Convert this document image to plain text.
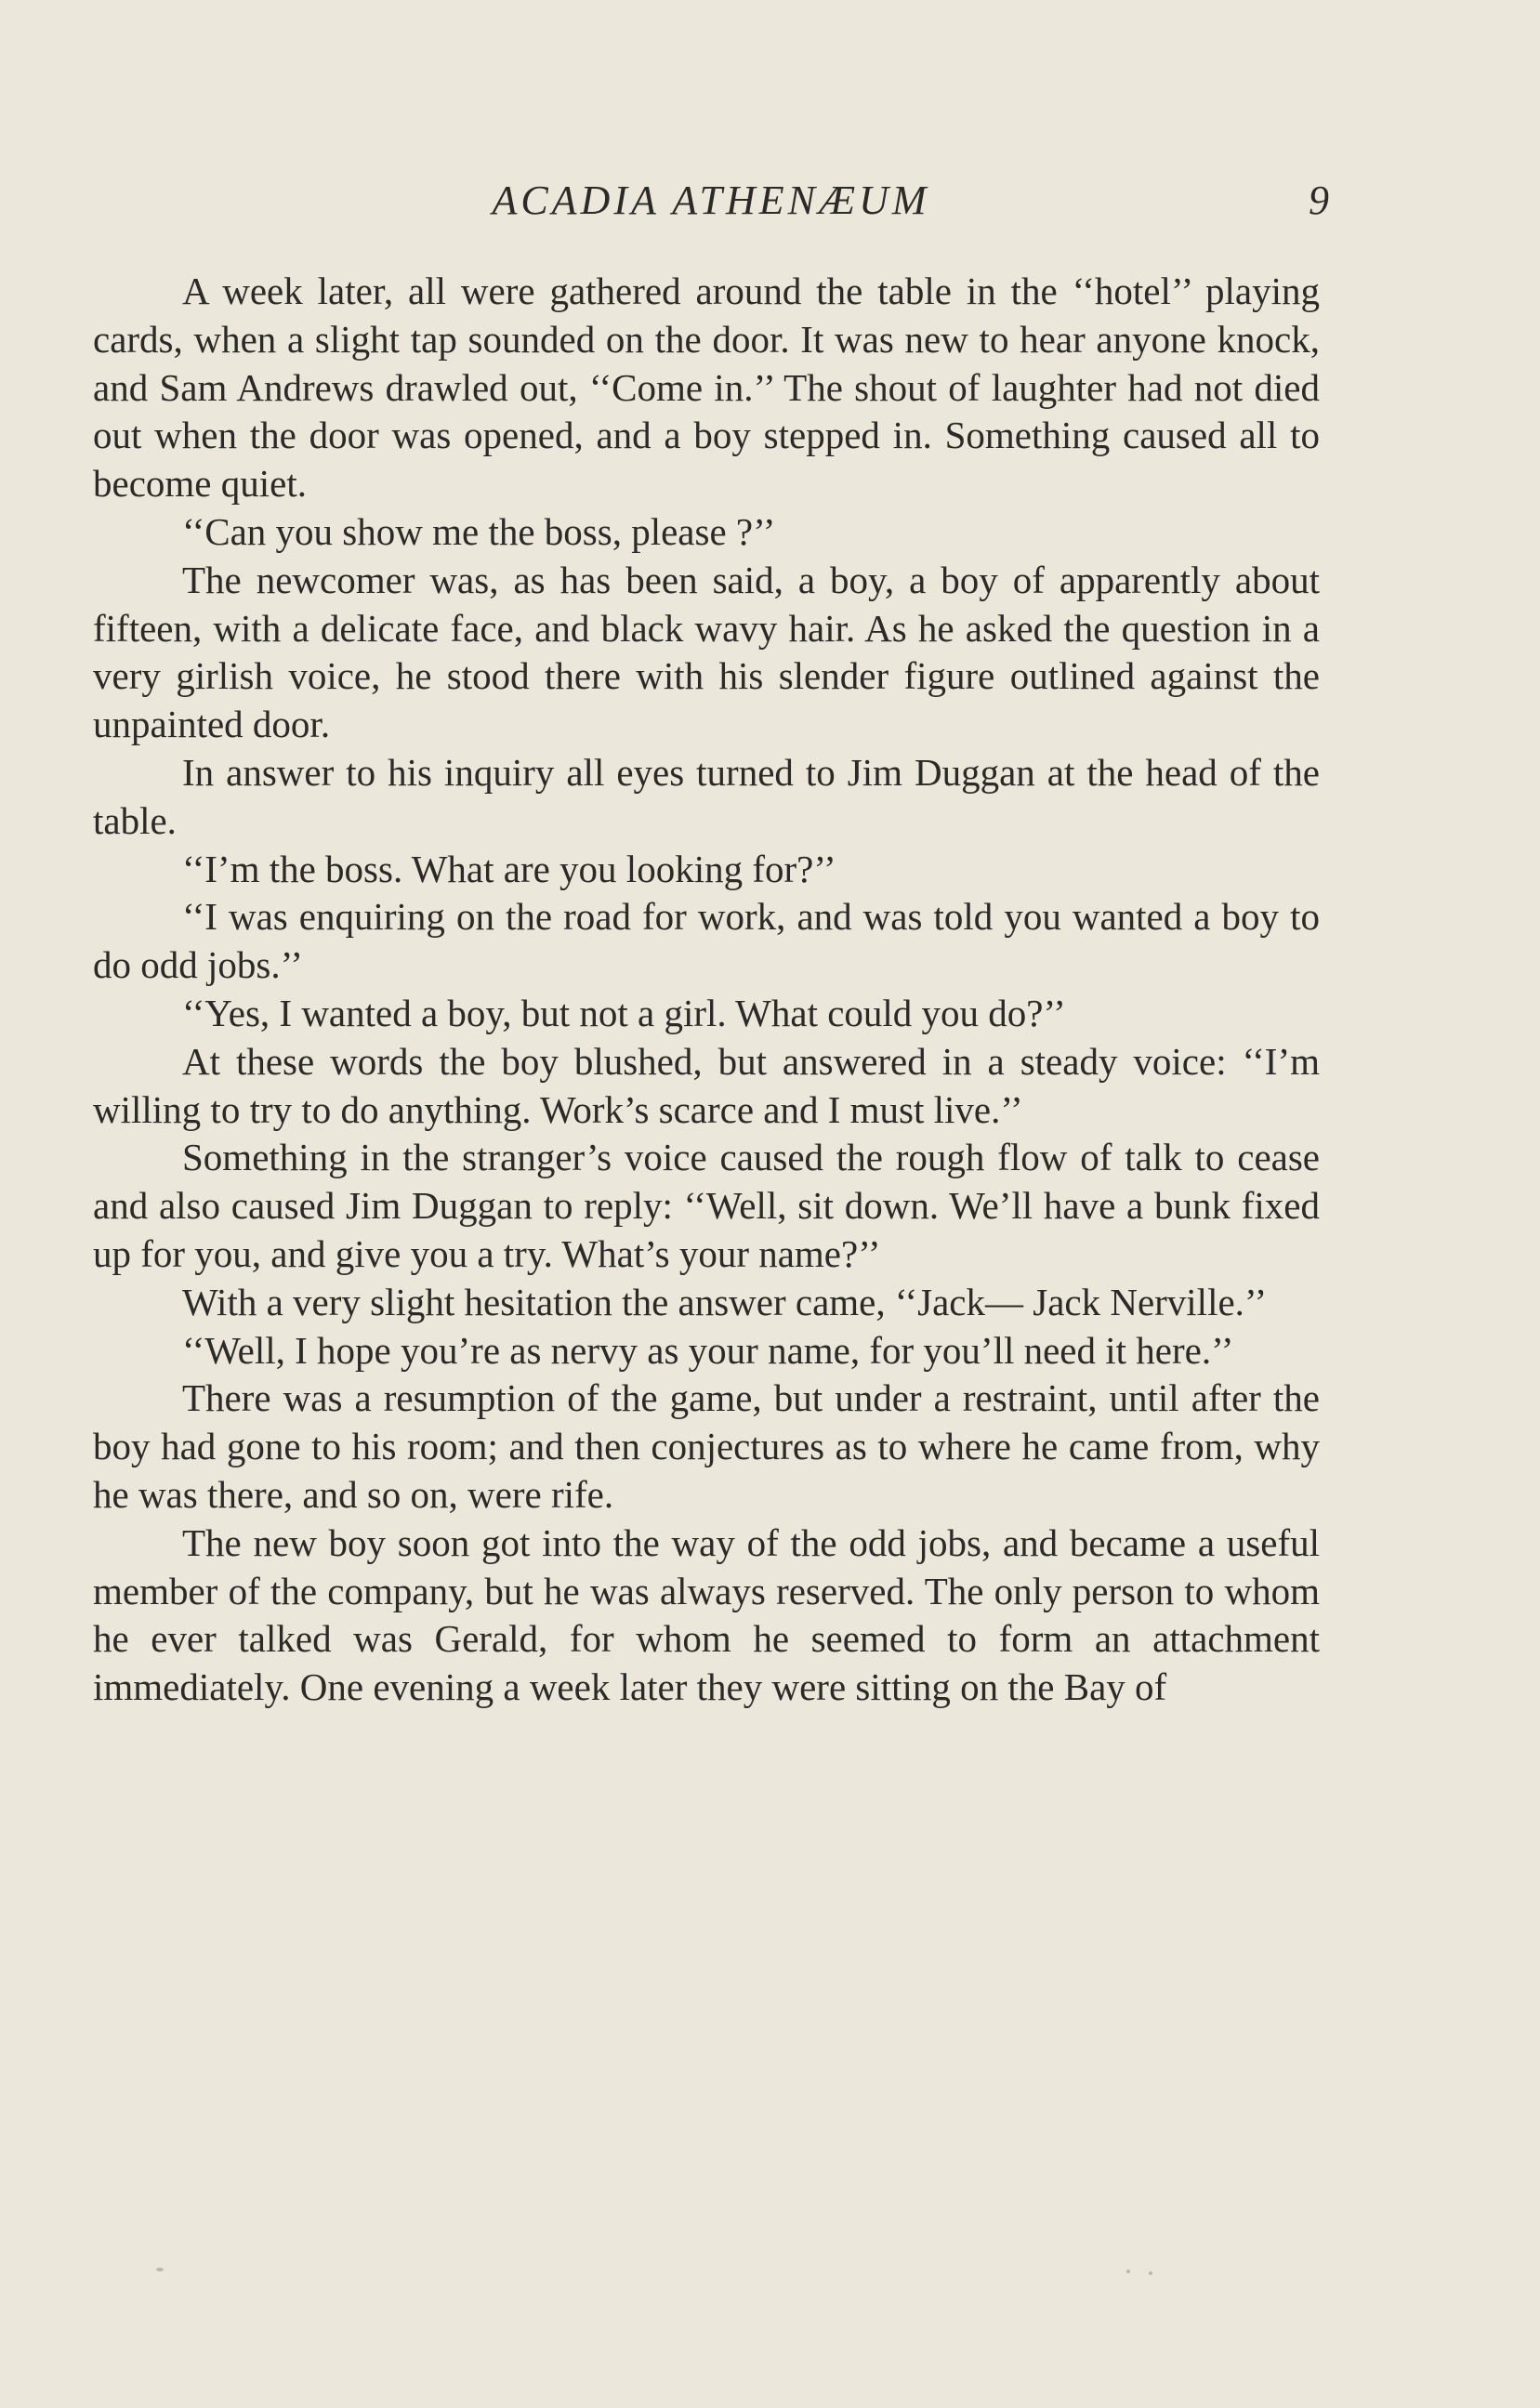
ACADIA ATHENÆUM	9

A week later, all were gathered around the table in the ‘‘hotel’’ playing cards, when a slight tap sounded on the door. It was new to hear anyone knock, and Sam Andrews drawled out, ‘‘Come in.’’ The shout of laughter had not died out when the door was opened, and a boy stepped in. Something caused all to become quiet.

‘‘Can you show me the boss, please ?’’

The newcomer was, as has been said, a boy, a boy of apparently about fifteen, with a delicate face, and black wavy hair. As he asked the question in a very girlish voice, he stood there with his slender figure outlined against the unpainted door.

In answer to his inquiry all eyes turned to Jim Duggan at the head of the table.

‘‘I’m the boss. What are you looking for?’’

‘‘I was enquiring on the road for work, and was told you wanted a boy to do odd jobs.’’

‘‘Yes, I wanted a boy, but not a girl. What could you do?’’

At these words the boy blushed, but answered in a steady voice: ‘‘I’m willing to try to do anything. Work’s scarce and I must live.’’

Something in the stranger’s voice caused the rough flow of talk to cease and also caused Jim Duggan to reply: ‘‘Well, sit down. We’ll have a bunk fixed up for you, and give you a try. What’s your name?’’

With a very slight hesitation the answer came, ‘‘Jack— Jack Nerville.’’

‘‘Well, I hope you’re as nervy as your name, for you’ll need it here.’’

There was a resumption of the game, but under a restraint, until after the boy had gone to his room; and then conjectures as to where he came from, why he was there, and so on, were rife.

The new boy soon got into the way of the odd jobs, and became a useful member of the company, but he was always reserved. The only person to whom he ever talked was Gerald, for whom he seemed to form an attachment immediately. One evening a week later they were sitting on the Bay of
